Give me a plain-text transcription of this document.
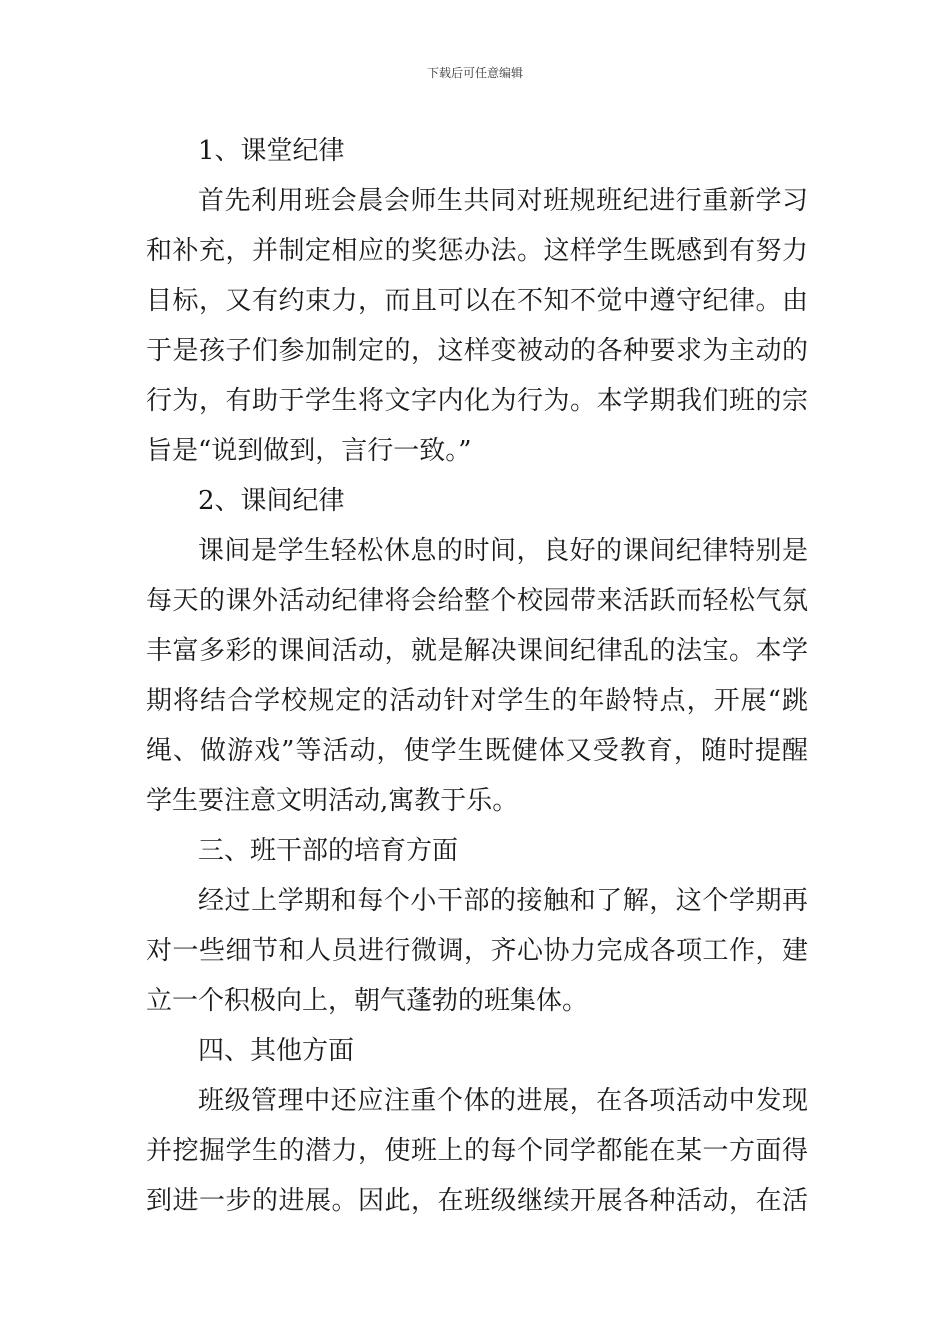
下载后可任意编辑
1、课堂纪律
首先利用班会晨会师生共同对班规班纪进行重新学习
和补充，并制定相应的奖惩办法。这样学生既感到有努力
目标，又有约束力，而且可以在不知不觉中遵守纪律。由
于是孩子们参加制定的，这样变被动的各种要求为主动的
行为，有助于学生将文字内化为行为。本学期我们班的宗
旨是“说到做到，言行一致。”
2、课间纪律
课间是学生轻松休息的时间，良好的课间纪律特别是
每天的课外活动纪律将会给整个校园带来活跃而轻松气氛
丰富多彩的课间活动，就是解决课间纪律乱的法宝。本学
期将结合学校规定的活动针对学生的年龄特点，开展“跳
绳、做游戏”等活动，使学生既健体又受教育，随时提醒
学生要注意文明活动,寓教于乐。
三、班干部的培育方面
经过上学期和每个小干部的接触和了解，这个学期再
对一些细节和人员进行微调，齐心协力完成各项工作，建
立一个积极向上，朝气蓬勃的班集体。
四、其他方面
班级管理中还应注重个体的进展，在各项活动中发现
并挖掘学生的潜力，使班上的每个同学都能在某一方面得
到进一步的进展。因此，在班级继续开展各种活动，在活
